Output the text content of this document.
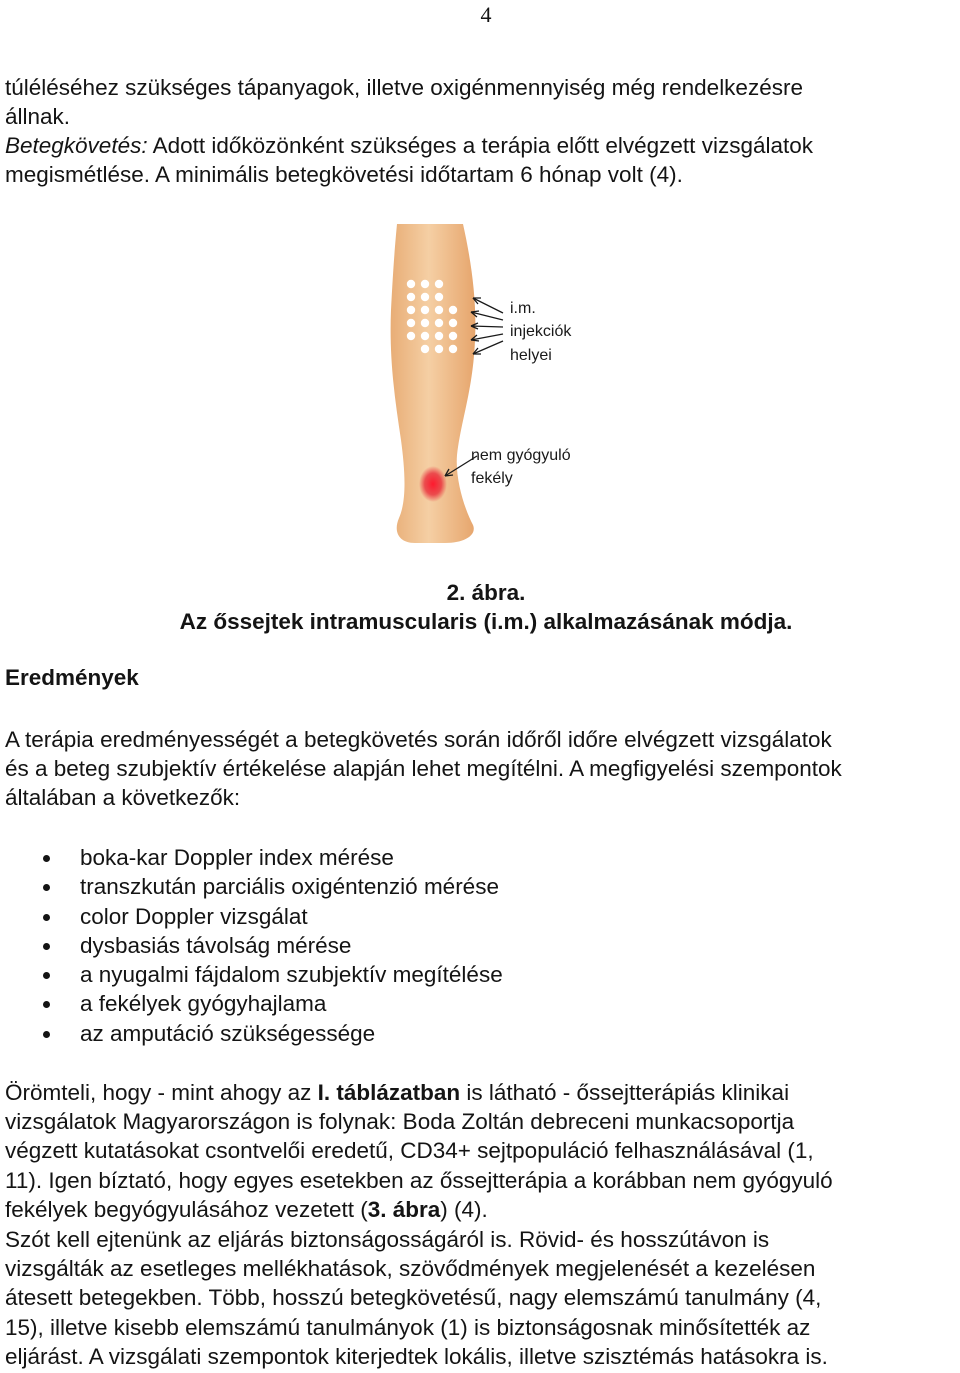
4

túléléséhez szükséges tápanyagok, illetve oxigénmennyiség még rendelkezésre

állnak.

Betegkövetés: Adott időközönként szükséges a terápia előtt elvégzett vizsgálatok

megismétlése. A minimális betegkövetési időtartam 6 hónap volt (4).

i.m.
injekciók
helyei
nem gyógyuló
fekély
2. ábra.
Az őssejtek intramuscularis (i.m.) alkalmazásának módja.
Eredmények

A terápia eredményességét a betegkövetés során időről időre elvégzett vizsgálatok

és a beteg szubjektív értékelése alapján lehet megítélni. A megfigyelési szempontok

általában a következők:

boka-kar Doppler index mérése
transzkután parciális oxigéntenzió mérése
color Doppler vizsgálat
dysbasiás távolság mérése
a nyugalmi fájdalom szubjektív megítélése
a fekélyek gyógyhajlama
az amputáció szükségessége

Örömteli, hogy - mint ahogy az I. táblázatban is látható - őssejtterápiás klinikai

vizsgálatok Magyarországon is folynak: Boda Zoltán debreceni munkacsoportja

végzett kutatásokat csontvelői eredetű, CD34+ sejtpopuláció felhasználásával (1,

11). Igen bíztató, hogy egyes esetekben az őssejtterápia a korábban nem gyógyuló

fekélyek begyógyulásához vezetett (3. ábra) (4).

Szót kell ejtenünk az eljárás biztonságosságáról is. Rövid- és hosszútávon is

vizsgálták az esetleges mellékhatások, szövődmények megjelenését a kezelésen

átesett betegekben. Több, hosszú betegkövetésű, nagy elemszámú tanulmány (4,

15), illetve kisebb elemszámú tanulmányok (1) is biztonságosnak minősítették az

eljárást. A vizsgálati szempontok kiterjedtek lokális, illetve szisztémás hatásokra is.
